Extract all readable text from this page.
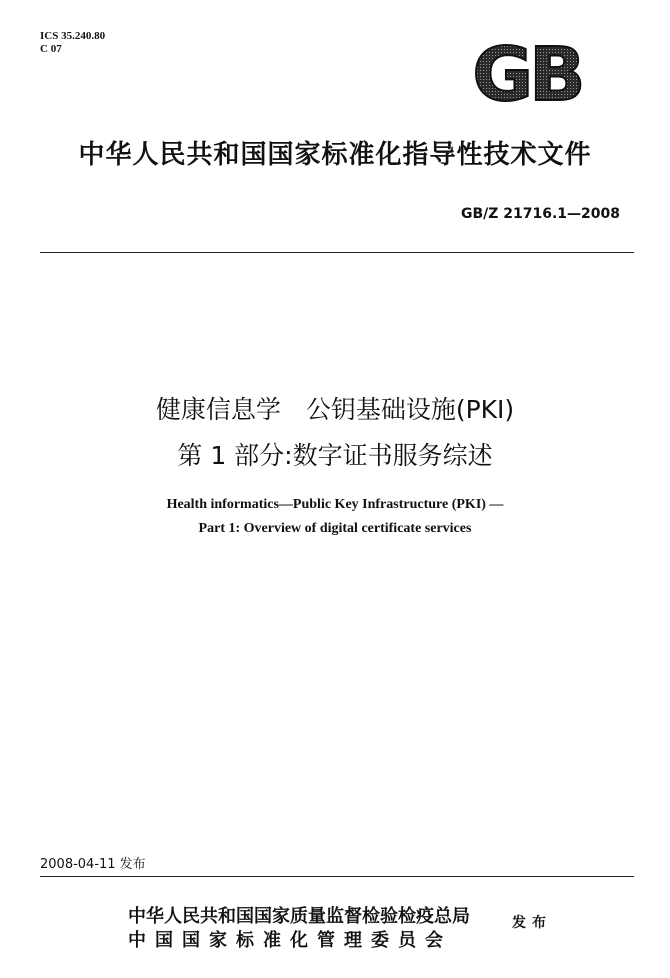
ICS 35.240.80
C 07	GB
中华人民共和国国家标准化指导性技术文件
GB/Z 21716.1—2008
健康信息学　公钥基础设施(PKI)
第 1 部分:数字证书服务综述
Health informatics—Public Key Infrastructure (PKI) —
Part 1: Overview of digital certificate services
2008-04-11 发布
中华人民共和国国家质量监督检验检疫总局
中国国家标准化管理委员会
发布
